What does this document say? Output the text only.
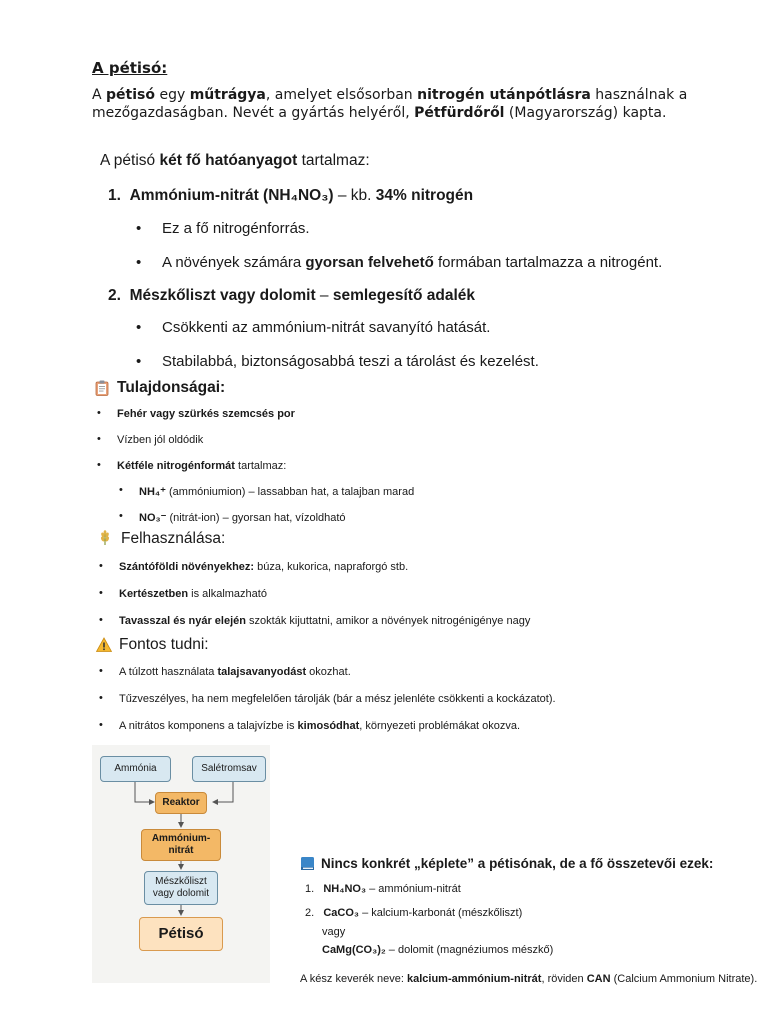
A pétisó:
A pétisó egy műtrágya, amelyet elsősorban nitrogén utánpótlásra használnak a mezőgazdaságban. Nevét a gyártás helyéről, Pétfürdőről (Magyarország) kapta.
A pétisó két fő hatóanyagot tartalmaz:
1. Ammónium-nitrát (NH₄NO₃) – kb. 34% nitrogén
• Ez a fő nitrogénforrás.
• A növények számára gyorsan felvehető formában tartalmazza a nitrogént.
2. Mészkőliszt vagy dolomit – semlegesítő adalék
• Csökkenti az ammónium-nitrát savanyító hatását.
• Stabilabbá, biztonságosabbá teszi a tárolást és kezelést.
Tulajdonságai:
• Fehér vagy szürkés szemcsés por
• Vízben jól oldódik
• Kétféle nitrogénformát tartalmaz:
• NH₄⁺ (ammóniumion) – lassabban hat, a talajban marad
• NO₃⁻ (nitrát-ion) – gyorsan hat, vízoldható
Felhasználása:
• Szántóföldi növényekhez: búza, kukorica, napraforgó stb.
• Kertészetben is alkalmazható
• Tavasszal és nyár elején szokták kijuttatni, amikor a növények nitrogénigénye nagy
Fontos tudni:
• A túlzott használata talajsavanyodást okozhat.
• Tűzveszélyes, ha nem megfelelően tárolják (bár a mész jelenléte csökkenti a kockázatot).
• A nitrátos komponens a talajvízbe is kimosódhat, környezeti problémákat okozva.
Ammónia	Salétromsav
Reaktor
Ammónium-
nitrát
Mészkőliszt
vagy dolomit
Pétisó
Nincs konkrét „képlete” a pétisónak, de a fő összetevői ezek:
1. NH₄NO₃ – ammónium-nitrát
2. CaCO₃ – kalcium-karbonát (mészkőliszt)
vagy
CaMg(CO₃)₂ – dolomit (magnéziumos mészkő)
A kész keverék neve: kalcium-ammónium-nitrát, röviden CAN (Calcium Ammonium Nitrate).
